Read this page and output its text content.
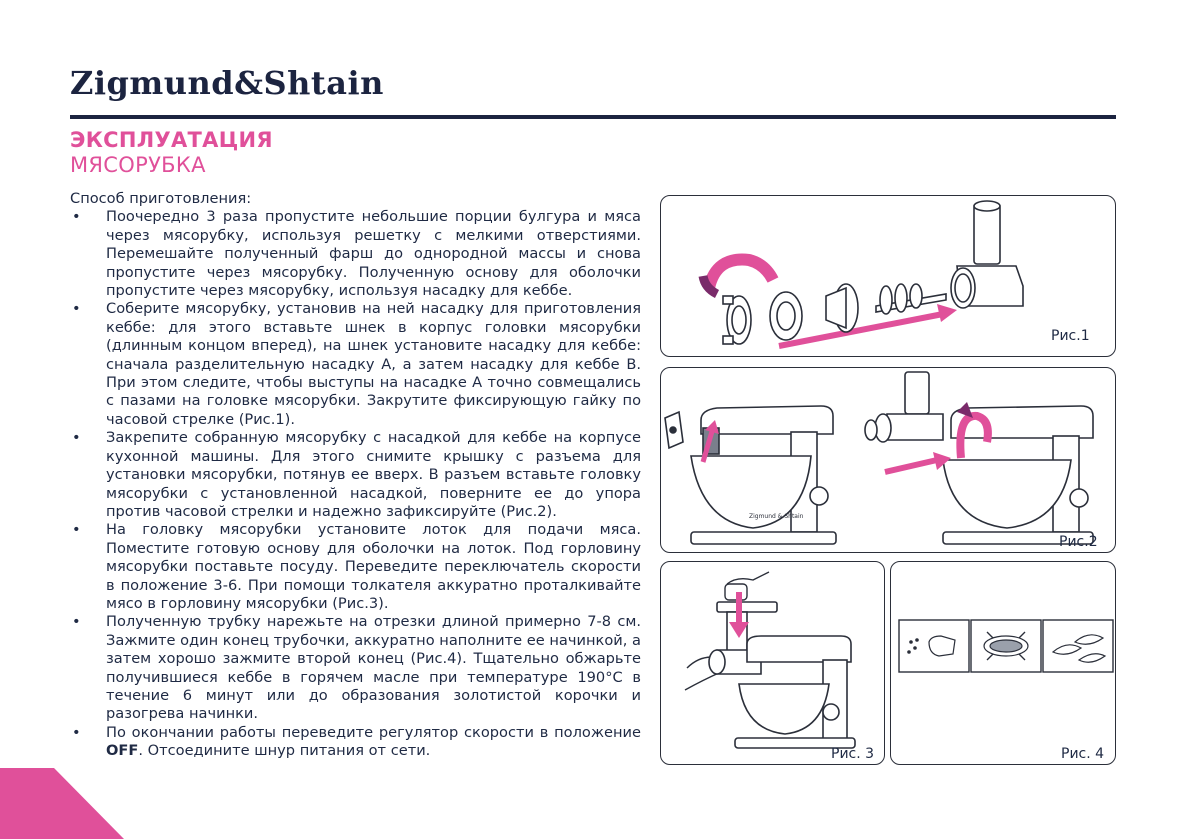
Zigmund&Shtain
ЭКСПЛУАТАЦИЯ
МЯСОРУБКА
Способ приготовления:
• Поочередно 3 раза пропустите небольшие порции булгура и мяса через мясорубку, используя решетку с мелкими отверстиями. Перемешайте полученный фарш до однородной массы и снова пропустите через мясорубку. Полученную основу для оболочки пропустите через мясорубку, используя насадку для кеббе.
• Соберите мясорубку, установив на ней насадку для приготовления кеббе: для этого вставьте шнек в корпус головки мясорубки (длинным концом вперед), на шнек установите насадку для кеббе: сначала разделительную насадку А, а затем насадку для кеббе В. При этом следите, чтобы выступы на насадке А точно совмещались с пазами на головке мясорубки. Закрутите фиксирующую гайку по часовой стрелке (Рис.1).
• Закрепите собранную мясорубку с насадкой для кеббе на корпусе кухонной машины. Для этого снимите крышку с разъема для установки мясорубки, потянув ее вверх. В разъем вставьте головку мясорубки с установленной насадкой, поверните ее до упора против часовой стрелки и надежно зафиксируйте (Рис.2).
• На головку мясорубки установите лоток для подачи мяса. Поместите готовую основу для оболочки на лоток. Под горловину мясорубки поставьте посуду. Переведите переключатель скорости в положение 3-6. При помощи толкателя аккуратно проталкивайте мясо в горловину мясорубки (Рис.3).
• Полученную трубку нарежьте на отрезки длиной примерно 7-8 см. Зажмите один конец трубочки, аккуратно наполните ее начинкой, а затем хорошо зажмите второй конец (Рис.4). Тщательно обжарьте получившиеся кеббе в горячем масле при температуре 190°С в течение 6 минут или до образования золотистой корочки и разогрева начинки.
• По окончании работы переведите регулятор скорости в положение OFF. Отсоедините шнур питания от сети.
Рис.1
Zigmund & Shtain
Рис.2
Рис. 3	Рис. 4
